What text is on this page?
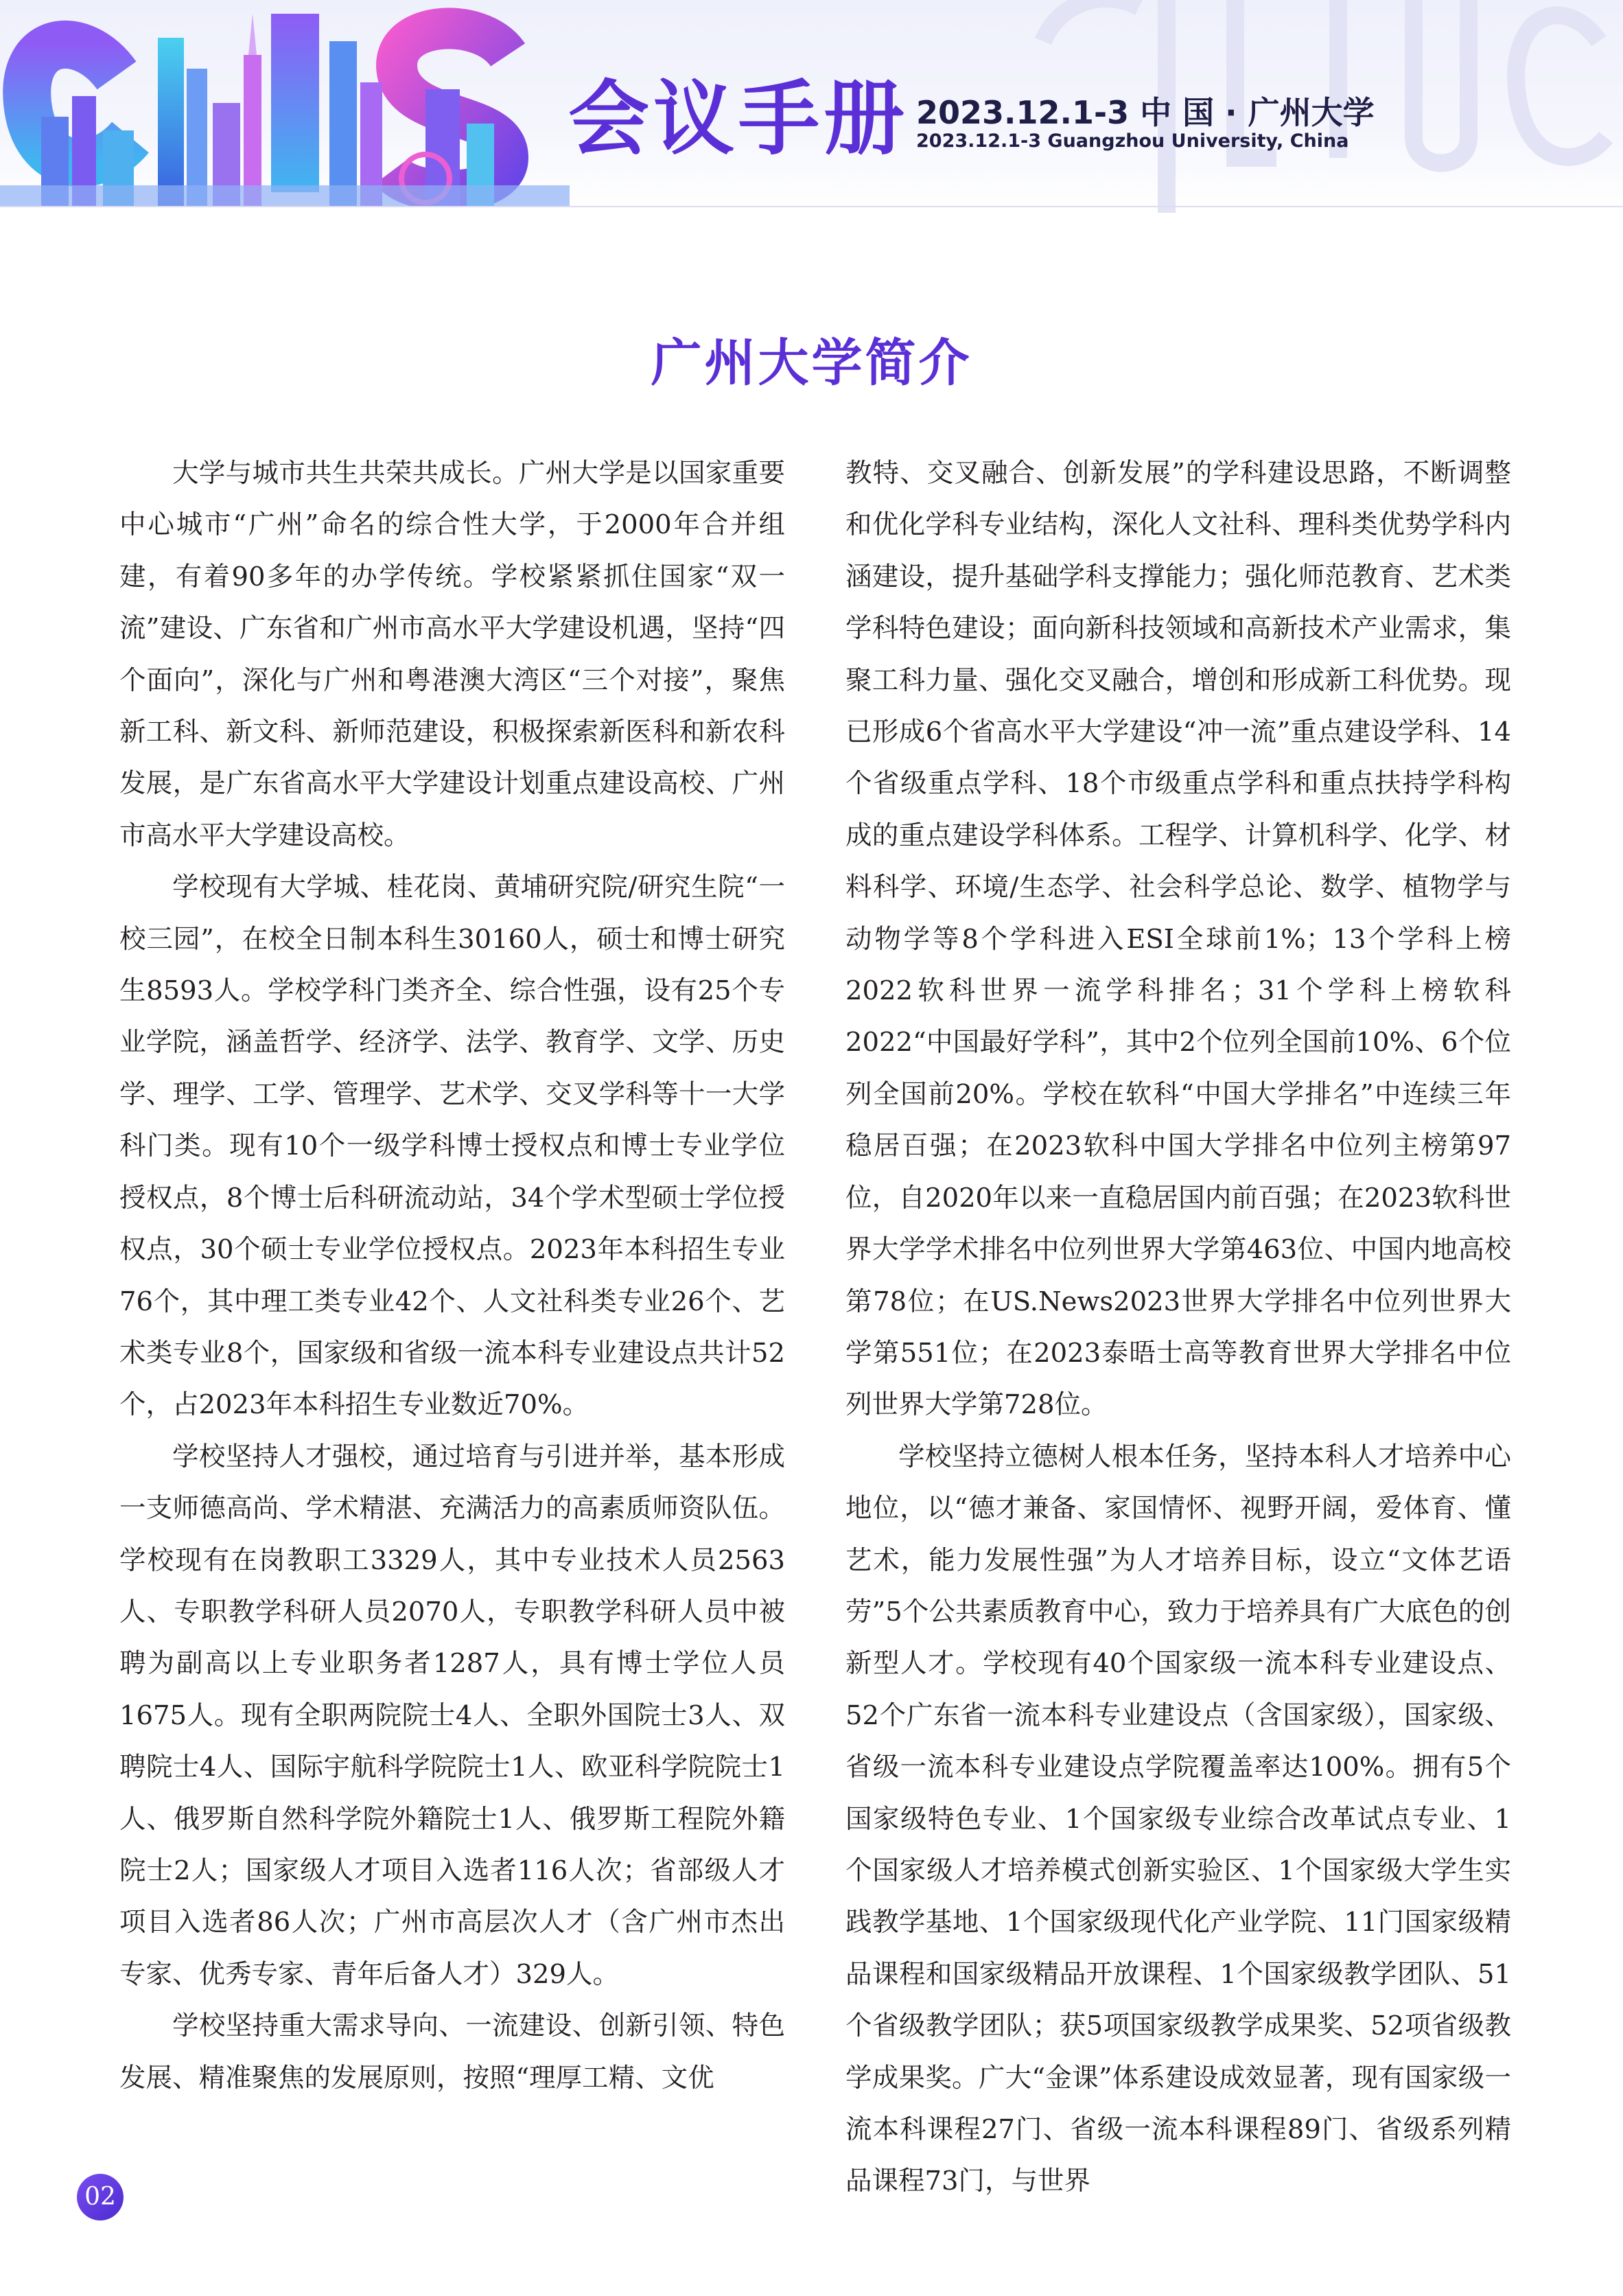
会议手册 2023.12.1-3 中 国 · 广州大学
2023.12.1-3 Guangzhou University, China
广州大学简介

大学与城市共生共荣共成长。广州大学是以国家重要中心城市“广州”命名的综合性大学，于2000年合并组建，有着90多年的办学传统。学校紧紧抓住国家“双一流”建设、广东省和广州市高水平大学建设机遇，坚持“四个面向”，深化与广州和粤港澳大湾区“三个对接”，聚焦新工科、新文科、新师范建设，积极探索新医科和新农科发展，是广东省高水平大学建设计划重点建设高校、广州市高水平大学建设高校。

学校现有大学城、桂花岗、黄埔研究院/研究生院“一校三园”，在校全日制本科生30160人，硕士和博士研究生8593人。学校学科门类齐全、综合性强，设有25个专业学院，涵盖哲学、经济学、法学、教育学、文学、历史学、理学、工学、管理学、艺术学、交叉学科等十一大学科门类。现有10个一级学科博士授权点和博士专业学位授权点，8个博士后科研流动站，34个学术型硕士学位授权点，30个硕士专业学位授权点。2023年本科招生专业76个，其中理工类专业42个、人文社科类专业26个、艺术类专业8个，国家级和省级一流本科专业建设点共计52个，占2023年本科招生专业数近70%。

学校坚持人才强校，通过培育与引进并举，基本形成一支师德高尚、学术精湛、充满活力的高素质师资队伍。学校现有在岗教职工3329人，其中专业技术人员2563人、专职教学科研人员2070人，专职教学科研人员中被聘为副高以上专业职务者1287人，具有博士学位人员1675人。现有全职两院院士4人、全职外国院士3人、双聘院士4人、国际宇航科学院院士1人、欧亚科学院院士1人、俄罗斯自然科学院外籍院士1人、俄罗斯工程院外籍院士2人；国家级人才项目入选者116人次；省部级人才项目入选者86人次；广州市高层次人才（含广州市杰出专家、优秀专家、青年后备人才）329人。

学校坚持重大需求导向、一流建设、创新引领、特色发展、精准聚焦的发展原则，按照“理厚工精、文优

教特、交叉融合、创新发展”的学科建设思路，不断调整和优化学科专业结构，深化人文社科、理科类优势学科内涵建设，提升基础学科支撑能力；强化师范教育、艺术类学科特色建设；面向新科技领域和高新技术产业需求，集聚工科力量、强化交叉融合，增创和形成新工科优势。现已形成6个省高水平大学建设“冲一流”重点建设学科、14个省级重点学科、18个市级重点学科和重点扶持学科构成的重点建设学科体系。工程学、计算机科学、化学、材料科学、环境/生态学、社会科学总论、数学、植物学与动物学等8个学科进入ESI全球前1%；13个学科上榜2022软科世界一流学科排名；31个学科上榜软科2022“中国最好学科”，其中2个位列全国前10%、6个位列全国前20%。学校在软科“中国大学排名”中连续三年稳居百强；在2023软科中国大学排名中位列主榜第97位，自2020年以来一直稳居国内前百强；在2023软科世界大学学术排名中位列世界大学第463位、中国内地高校第78位；在US.News2023世界大学排名中位列世界大学第551位；在2023泰晤士高等教育世界大学排名中位列世界大学第728位。

学校坚持立德树人根本任务，坚持本科人才培养中心地位，以“德才兼备、家国情怀、视野开阔，爱体育、懂艺术，能力发展性强”为人才培养目标，设立“文体艺语劳”5个公共素质教育中心，致力于培养具有广大底色的创新型人才。学校现有40个国家级一流本科专业建设点、52个广东省一流本科专业建设点（含国家级），国家级、省级一流本科专业建设点学院覆盖率达100%。拥有5个国家级特色专业、1个国家级专业综合改革试点专业、1个国家级人才培养模式创新实验区、1个国家级大学生实践教学基地、1个国家级现代化产业学院、11门国家级精品课程和国家级精品开放课程、1个国家级教学团队、51个省级教学团队；获5项国家级教学成果奖、52项省级教学成果奖。广大“金课”体系建设成效显著，现有国家级一流本科课程27门、省级一流本科课程89门、省级系列精品课程73门，与世界

02
